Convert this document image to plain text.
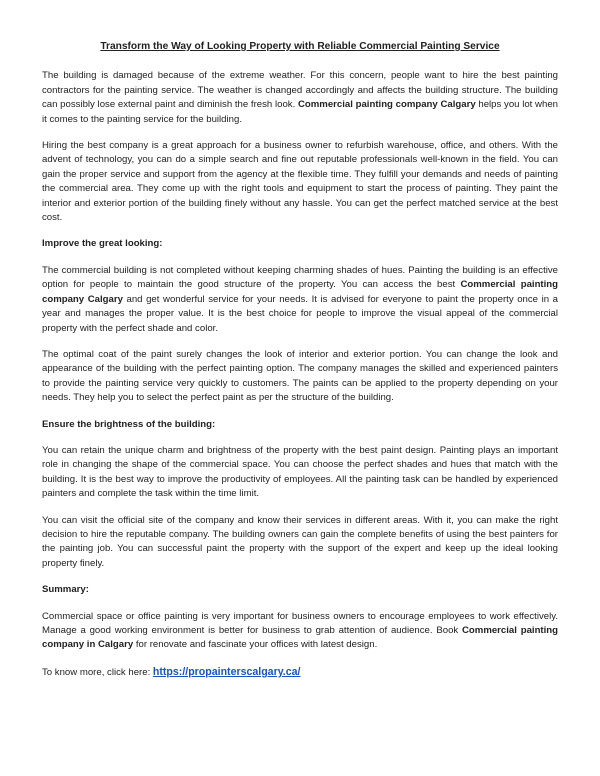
Transform the Way of Looking Property with Reliable Commercial Painting Service

The building is damaged because of the extreme weather. For this concern, people want to hire the best painting contractors for the painting service. The weather is changed accordingly and affects the building structure. The building can possibly lose external paint and diminish the fresh look. Commercial painting company Calgary helps you lot when it comes to the painting service for the building.

Hiring the best company is a great approach for a business owner to refurbish warehouse, office, and others. With the advent of technology, you can do a simple search and fine out reputable professionals well-known in the field. You can gain the proper service and support from the agency at the flexible time. They fulfill your demands and needs of painting the commercial area. They come up with the right tools and equipment to start the process of painting. They paint the interior and exterior portion of the building finely without any hassle. You can get the perfect matched service at the best cost.

Improve the great looking:

The commercial building is not completed without keeping charming shades of hues. Painting the building is an effective option for people to maintain the good structure of the property. You can access the best Commercial painting company Calgary and get wonderful service for your needs. It is advised for everyone to paint the property once in a year and manages the proper value. It is the best choice for people to improve the visual appeal of the commercial property with the perfect shade and color.

The optimal coat of the paint surely changes the look of interior and exterior portion. You can change the look and appearance of the building with the perfect painting option. The company manages the skilled and experienced painters to provide the painting service very quickly to customers. The paints can be applied to the property depending on your needs. They help you to select the perfect paint as per the structure of the building.

Ensure the brightness of the building:

You can retain the unique charm and brightness of the property with the best paint design. Painting plays an important role in changing the shape of the commercial space. You can choose the perfect shades and hues that match with the building. It is the best way to improve the productivity of employees. All the painting task can be handled by experienced painters and complete the task within the time limit.

You can visit the official site of the company and know their services in different areas. With it, you can make the right decision to hire the reputable company. The building owners can gain the complete benefits of using the best painters for the painting job. You can successful paint the property with the support of the expert and keep up the ideal looking property finely.

Summary:

Commercial space or office painting is very important for business owners to encourage employees to work effectively. Manage a good working environment is better for business to grab attention of audience. Book Commercial painting company in Calgary for renovate and fascinate your offices with latest design.

To know more, click here: https://propainterscalgary.ca/
